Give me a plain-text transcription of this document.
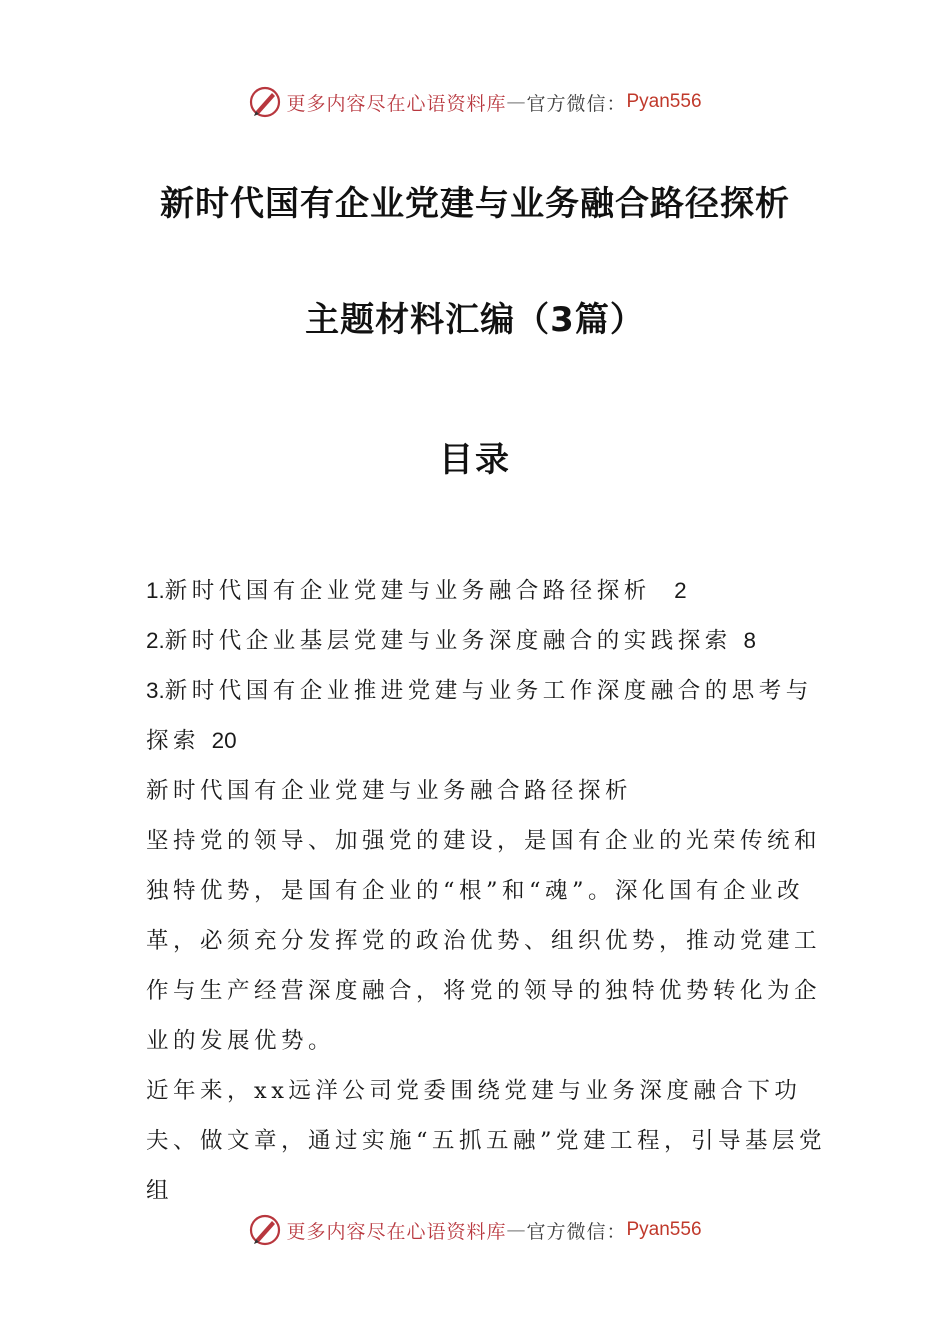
更多内容尽在心语资料库 — 官方微信： Pyan556
新时代国有企业党建与业务融合路径探析
主题材料汇编（3篇）
目录

1.新时代国有企业党建与业务融合路径探析 2

2.新时代企业基层党建与业务深度融合的实践探索 8

3.新时代国有企业推进党建与业务工作深度融合的思考与探索 20

新时代国有企业党建与业务融合路径探析

坚持党的领导、加强党的建设，是国有企业的光荣传统和独特优势，是国有企业的“根”和“魂”。深化国有企业改革，必须充分发挥党的政治优势、组织优势，推动党建工作与生产经营深度融合，将党的领导的独特优势转化为企业的发展优势。

近年来，xx远洋公司党委围绕党建与业务深度融合下功夫、做文章，通过实施“五抓五融”党建工程，引导基层党组

更多内容尽在心语资料库 — 官方微信： Pyan556
